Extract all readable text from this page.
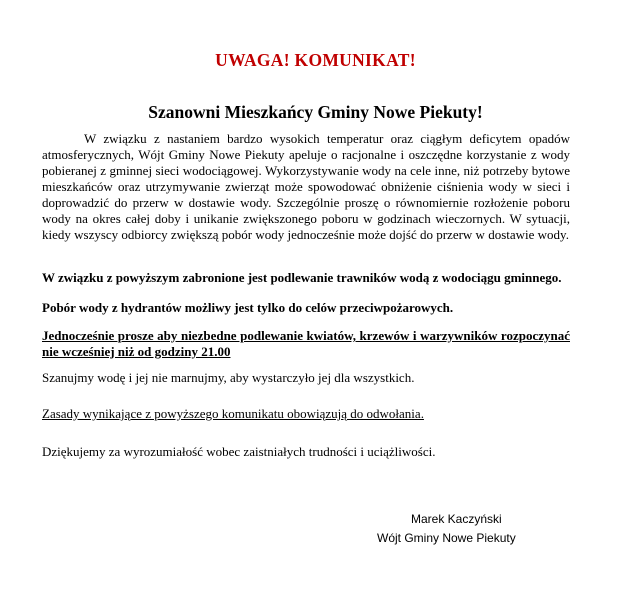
UWAGA! KOMUNIKAT!
Szanowni Mieszkańcy Gminy Nowe Piekuty!
W związku z nastaniem bardzo wysokich temperatur oraz ciągłym deficytem opadów atmosferycznych, Wójt Gminy Nowe Piekuty apeluje o racjonalne i oszczędne korzystanie z wody pobieranej z gminnej sieci wodociągowej. Wykorzystywanie wody na cele inne, niż potrzeby bytowe mieszkańców oraz utrzymywanie zwierząt może spowodować obniżenie ciśnienia wody w sieci i doprowadzić do przerw w dostawie wody. Szczególnie proszę o równomiernie rozłożenie poboru wody na okres całej doby i unikanie zwiększonego poboru w godzinach wieczornych. W sytuacji, kiedy wszyscy odbiorcy zwiększą pobór wody jednocześnie może dojść do przerw w dostawie wody.
W związku z powyższym zabronione jest podlewanie trawników wodą z wodociągu gminnego.
Pobór wody z hydrantów możliwy jest tylko do celów przeciwpożarowych.
Jednocześnie prosze aby niezbedne podlewanie kwiatów, krzewów i warzywników rozpoczynać nie wcześniej niż od godziny 21.00
Szanujmy wodę i jej nie marnujmy, aby wystarczyło jej dla wszystkich.
Zasady wynikające z powyższego komunikatu obowiązują do odwołania.
Dziękujemy za wyrozumiałość wobec zaistniałych trudności i uciążliwości.
Marek Kaczyński
Wójt Gminy Nowe Piekuty
